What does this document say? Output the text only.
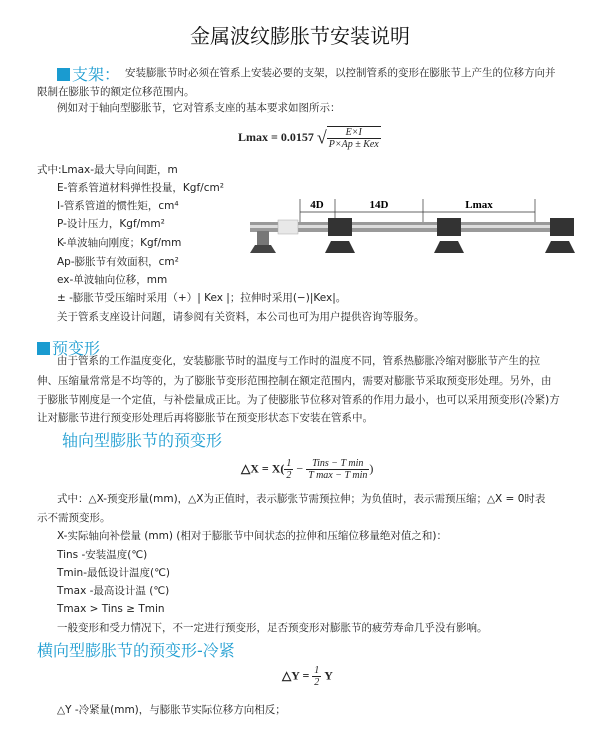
金属波纹膨胀节安装说明
支架： 安装膨胀节时必须在管系上安装必要的支架，以控制管系的变形在膨胀节上产生的位移方向并
限制在膨胀节的额定位移范围内。
例如对于轴向型膨胀节，它对管系支座的基本要求如图所示：
Lmax = 0.0157 √ $\frac{E\times I}{\text{P×Ap ± Kex}}$
式中:Lmax-最大导向间距，m
E-管系管道材料弹性投量，Kgf/cm²
I-管系管道的惯性矩，cm⁴
P-设计压力，Kgf/mm²
K-单波轴向刚度；Kgf/mm
Ap-膨胀节有效面积，cm²
ex-单波轴向位移，mm
± -膨胀节受压缩时采用（+）| Kex |；拉伸时采用(−)|Kex|。
关于管系支座设计问题，请参阅有关资料，本公司也可为用户提供咨询等服务。
4D	14D	Lmax
预变形
由于管系的工作温度变化，安装膨胀节时的温度与工作时的温度不同，管系热膨胀冷缩对膨胀节产生的拉
伸、压缩量常常是不均等的，为了膨胀节变形范围控制在额定范围内，需要对膨胀节采取预变形处理。另外，由
于膨胀节刚度是一个定值，与补偿量成正比。为了使膨胀节位移对管系的作用力最小，也可以采用预变形(冷紧)方
让对膨胀节进行预变形处理后再将膨胀节在预变形状态下安装在管系中。
轴向型膨胀节的预变形
△X = $X( \frac{1}{2} - \frac{\text{Tins − T min}}{\text{T max − T min}}$ )
式中：△X-预变形量(mm)，△X为正值时，表示膨张节需预拉伸；为负值时，表示需预压缩；△X = 0时表
示不需预变形。
X-实际轴向补偿量 (mm) (相对于膨胀节中间状态的拉伸和压缩位移量绝对值之和)：
Tins -安装温度(℃)
Tmin-最低设计温度(℃)
Tmax -最高设计温 (℃)
Tmax > Tins ≥ Tmin
一般变形和受力情况下，不一定进行预变形，足否预变形对膨胀节的疲劳寿命几乎没有影响。
横向型膨胀节的预变形-冷紧
△Y = $\frac{1}{2}$ Y
△Y -冷紧量(mm)，与膨胀节实际位移方向相反；
